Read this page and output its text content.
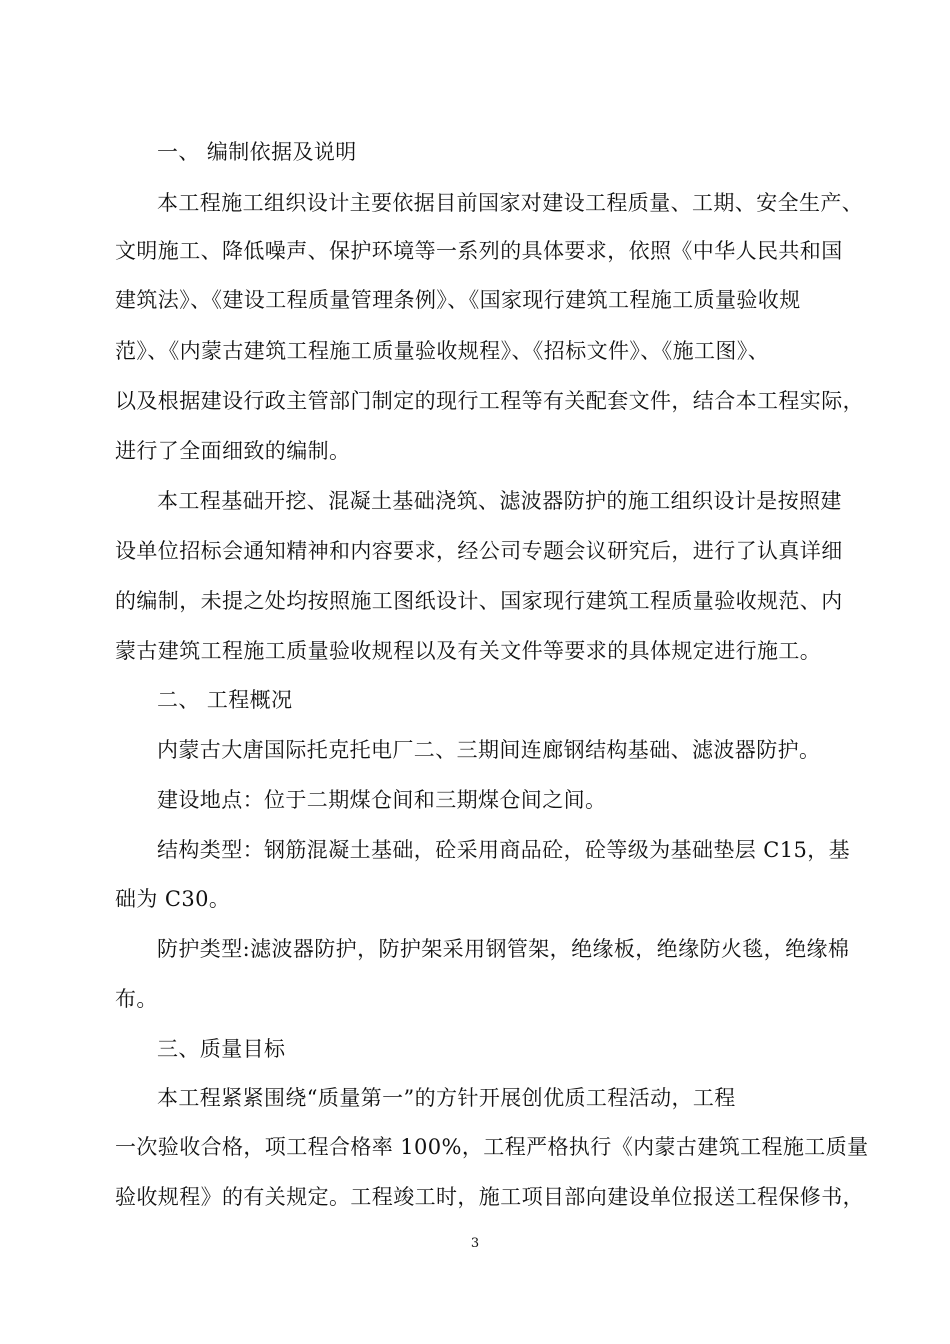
一、 编制依据及说明
本工程施工组织设计主要依据目前国家对建设工程质量、工期、安全生产、
文明施工、降低噪声、保护环境等一系列的具体要求，依照《中华人民共和国
建筑法》、《建设工程质量管理条例》、《国家现行建筑工程施工质量验收规
范》、《内蒙古建筑工程施工质量验收规程》、《招标文件》、《施工图》、
以及根据建设行政主管部门制定的现行工程等有关配套文件，结合本工程实际，
进行了全面细致的编制。
本工程基础开挖、混凝土基础浇筑、滤波器防护的施工组织设计是按照建
设单位招标会通知精神和内容要求，经公司专题会议研究后，进行了认真详细
的编制，未提之处均按照施工图纸设计、国家现行建筑工程质量验收规范、内
蒙古建筑工程施工质量验收规程以及有关文件等要求的具体规定进行施工。
二、 工程概况
内蒙古大唐国际托克托电厂二、三期间连廊钢结构基础、滤波器防护。
建设地点：位于二期煤仓间和三期煤仓间之间。
结构类型：钢筋混凝土基础，砼采用商品砼，砼等级为基础垫层 C15，基
础为 C30。
防护类型:滤波器防护，防护架采用钢管架，绝缘板，绝缘防火毯，绝缘棉
布。
三、质量目标
本工程紧紧围绕“质量第一”的方针开展创优质工程活动，工程
一次验收合格，项工程合格率 100%，工程严格执行《内蒙古建筑工程施工质量
验收规程》的有关规定。工程竣工时，施工项目部向建设单位报送工程保修书，
3
